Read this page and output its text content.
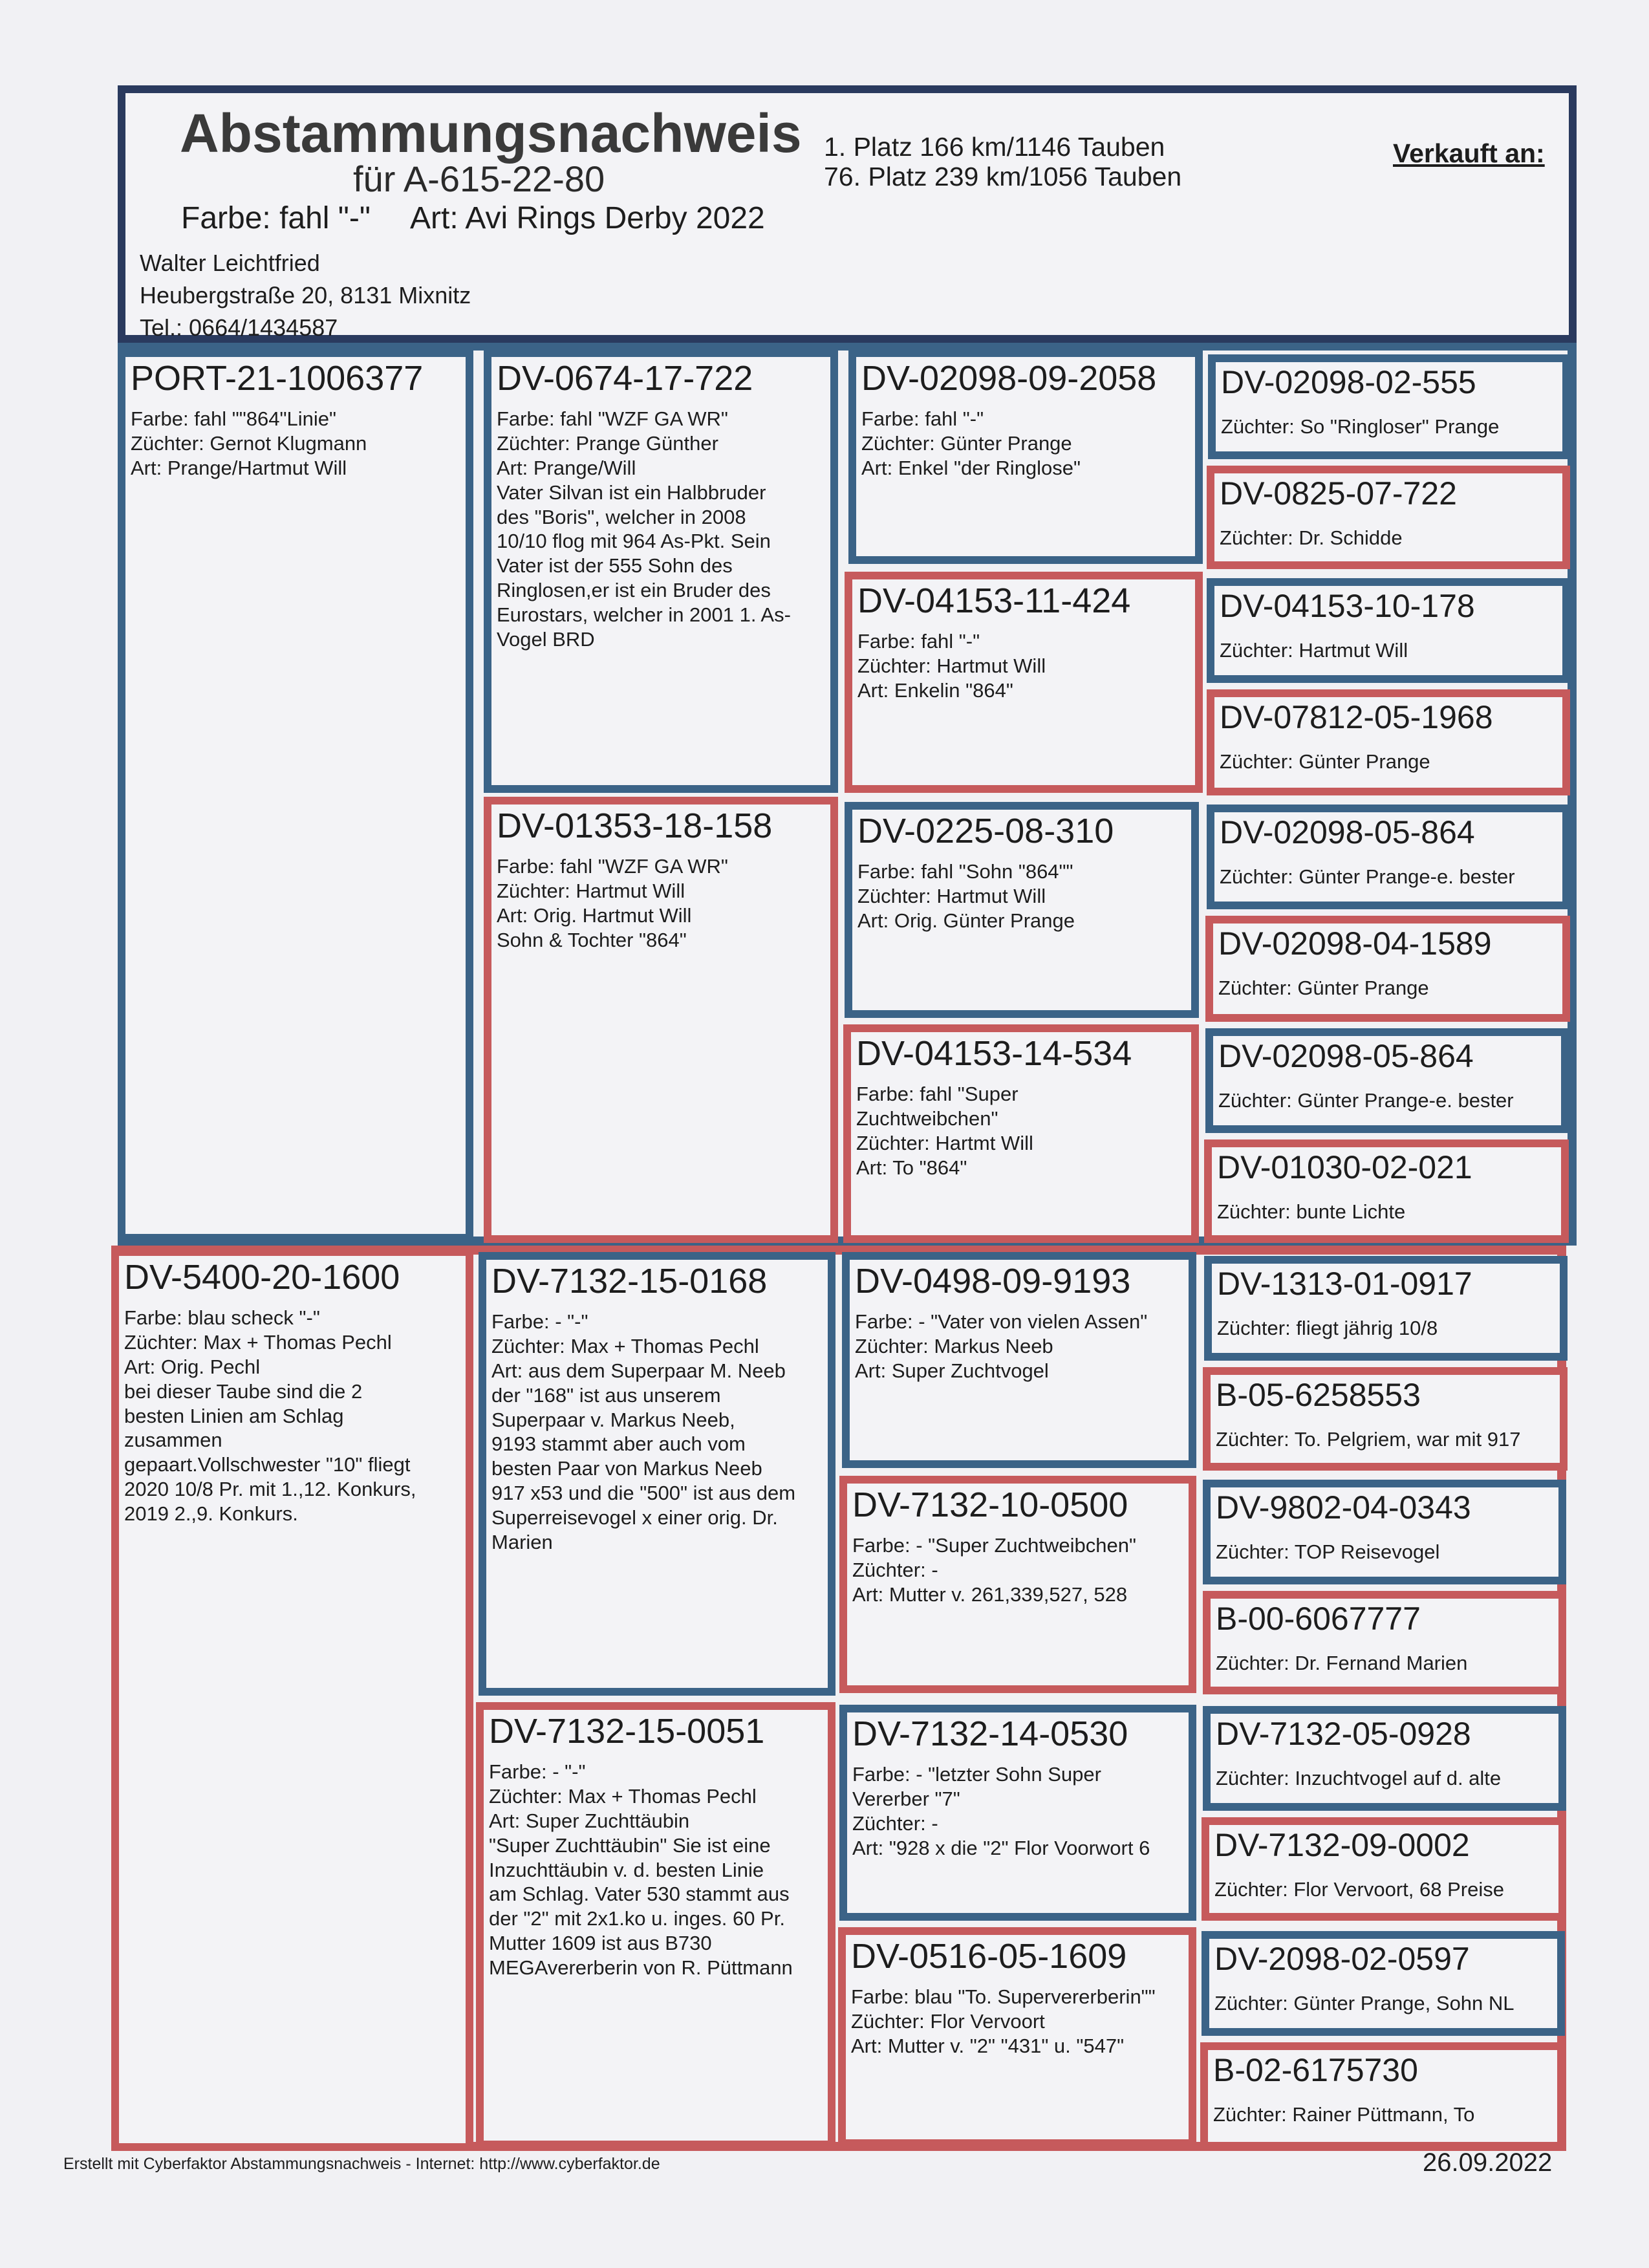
Abstammungsnachweis
für A-615-22-80
Farbe: fahl "-" Art: Avi Rings Derby 2022
Walter Leichtfried
Heubergstraße 20, 8131 Mixnitz
Tel.: 0664/1434587
1. Platz 166 km/1146 Tauben
76. Platz 239 km/1056 Tauben
Verkauft an:
PORT-21-1006377
Farbe: fahl ""864"Linie"
Züchter: Gernot Klugmann
Art: Prange/Hartmut Will
DV-5400-20-1600
Farbe: blau scheck "-"
Züchter: Max + Thomas Pechl
Art: Orig. Pechl
bei dieser Taube sind die 2
besten Linien am Schlag
zusammen
gepaart.Vollschwester "10" fliegt
2020 10/8 Pr. mit 1.,12. Konkurs,
2019 2.,9. Konkurs.
DV-0674-17-722
Farbe: fahl "WZF GA WR"
Züchter: Prange Günther
Art: Prange/Will
Vater Silvan ist ein Halbbruder
des "Boris", welcher in 2008
10/10 flog mit 964 As-Pkt. Sein
Vater ist der 555 Sohn des
Ringlosen,er ist ein Bruder des
Eurostars, welcher in 2001 1. As-
Vogel BRD
DV-01353-18-158
Farbe: fahl "WZF GA WR"
Züchter: Hartmut Will
Art: Orig. Hartmut Will
Sohn & Tochter "864"
DV-7132-15-0168
Farbe: - "-"
Züchter: Max + Thomas Pechl
Art: aus dem Superpaar M. Neeb
der "168" ist aus unserem
Superpaar v. Markus Neeb,
9193 stammt aber auch vom
besten Paar von Markus Neeb
917 x53 und die "500" ist aus dem
Superreisevogel x einer orig. Dr.
Marien
DV-7132-15-0051
Farbe: - "-"
Züchter: Max + Thomas Pechl
Art: Super Zuchttäubin
"Super Zuchttäubin" Sie ist eine
Inzuchttäubin v. d. besten Linie
am Schlag. Vater 530 stammt aus
der "2" mit 2x1.ko u. inges. 60 Pr.
Mutter 1609 ist aus B730
MEGAvererberin von R. Püttmann
DV-02098-09-2058
Farbe: fahl "-"
Züchter: Günter Prange
Art: Enkel "der Ringlose"
DV-04153-11-424
Farbe: fahl "-"
Züchter: Hartmut Will
Art: Enkelin "864"
DV-0225-08-310
Farbe: fahl "Sohn "864""
Züchter: Hartmut Will
Art: Orig. Günter Prange
DV-04153-14-534
Farbe: fahl "Super
Zuchtweibchen"
Züchter: Hartmt Will
Art: To "864"
DV-0498-09-9193
Farbe: - "Vater von vielen Assen"
Züchter: Markus Neeb
Art: Super Zuchtvogel
DV-7132-10-0500
Farbe: - "Super Zuchtweibchen"
Züchter: -
Art: Mutter v. 261,339,527, 528
DV-7132-14-0530
Farbe: - "letzter Sohn Super
Vererber "7"
Züchter: -
Art: "928 x die "2" Flor Voorwort 6
DV-0516-05-1609
Farbe: blau "To. Supervererberin""
Züchter: Flor Vervoort
Art: Mutter v. "2" "431" u. "547"
DV-02098-02-555
Züchter: So "Ringloser" Prange
DV-0825-07-722
Züchter: Dr. Schidde
DV-04153-10-178
Züchter: Hartmut Will
DV-07812-05-1968
Züchter: Günter Prange
DV-02098-05-864
Züchter: Günter Prange-e. bester
DV-02098-04-1589
Züchter: Günter Prange
DV-02098-05-864
Züchter: Günter Prange-e. bester
DV-01030-02-021
Züchter: bunte Lichte
DV-1313-01-0917
Züchter: fliegt jährig 10/8
B-05-6258553
Züchter: To. Pelgriem, war mit 917
DV-9802-04-0343
Züchter: TOP Reisevogel
B-00-6067777
Züchter: Dr. Fernand Marien
DV-7132-05-0928
Züchter: Inzuchtvogel auf d. alte
DV-7132-09-0002
Züchter: Flor Vervoort, 68 Preise
DV-2098-02-0597
Züchter: Günter Prange, Sohn NL
B-02-6175730
Züchter: Rainer Püttmann, To
Erstellt mit Cyberfaktor Abstammungsnachweis - Internet: http://www.cyberfaktor.de	26.09.2022
